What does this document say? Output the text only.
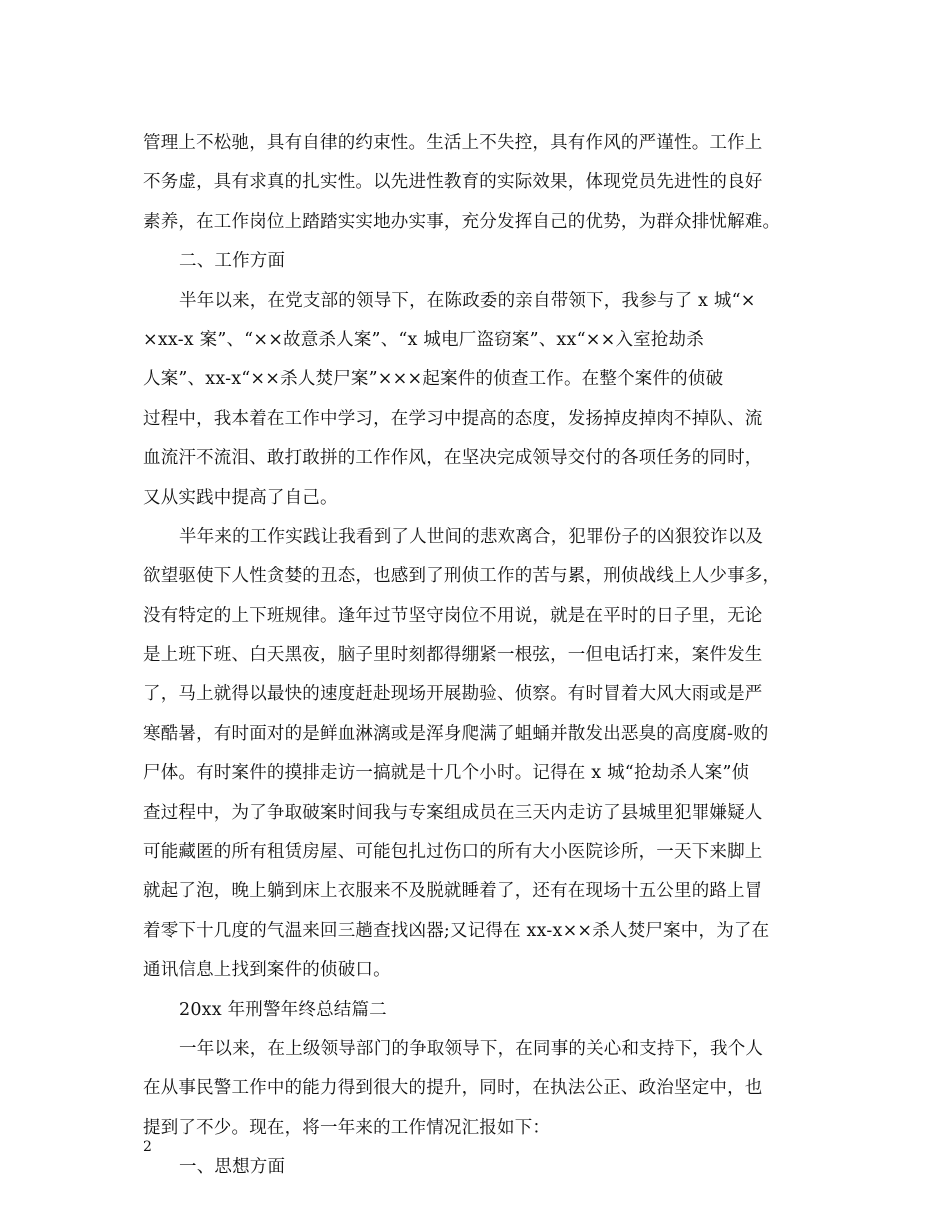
管理上不松驰，具有自律的约束性。生活上不失控，具有作风的严谨性。工作上
不务虚，具有求真的扎实性。以先进性教育的实际效果，体现党员先进性的良好
素养，在工作岗位上踏踏实实地办实事，充分发挥自己的优势，为群众排忧解难。
二、工作方面
半年以来，在党支部的领导下，在陈政委的亲自带领下，我参与了 x 城“×
×xx-x 案”、“××故意杀人案”、“x 城电厂盗窃案”、xx“××入室抢劫杀
人案”、xx-x“××杀人焚尸案”×××起案件的侦查工作。在整个案件的侦破
过程中，我本着在工作中学习，在学习中提高的态度，发扬掉皮掉肉不掉队、流
血流汗不流泪、敢打敢拼的工作作风，在坚决完成领导交付的各项任务的同时，
又从实践中提高了自己。
半年来的工作实践让我看到了人世间的悲欢离合，犯罪份子的凶狠狡诈以及
欲望驱使下人性贪婪的丑态，也感到了刑侦工作的苦与累，刑侦战线上人少事多，
没有特定的上下班规律。逢年过节坚守岗位不用说，就是在平时的日子里，无论
是上班下班、白天黑夜，脑子里时刻都得绷紧一根弦，一但电话打来，案件发生
了，马上就得以最快的速度赶赴现场开展勘验、侦察。有时冒着大风大雨或是严
寒酷暑，有时面对的是鲜血淋漓或是浑身爬满了蛆蛹并散发出恶臭的高度腐-败的
尸体。有时案件的摸排走访一搞就是十几个小时。记得在 x 城“抢劫杀人案”侦
查过程中，为了争取破案时间我与专案组成员在三天内走访了县城里犯罪嫌疑人
可能藏匿的所有租赁房屋、可能包扎过伤口的所有大小医院诊所，一天下来脚上
就起了泡，晚上躺到床上衣服来不及脱就睡着了，还有在现场十五公里的路上冒
着零下十几度的气温来回三趟查找凶器;又记得在 xx-x××杀人焚尸案中，为了在
通讯信息上找到案件的侦破口。
20xx 年刑警年终总结篇二
一年以来，在上级领导部门的争取领导下，在同事的关心和支持下，我个人
在从事民警工作中的能力得到很大的提升，同时，在执法公正、政治坚定中，也
提到了不少。现在，将一年来的工作情况汇报如下：
一、思想方面
2
